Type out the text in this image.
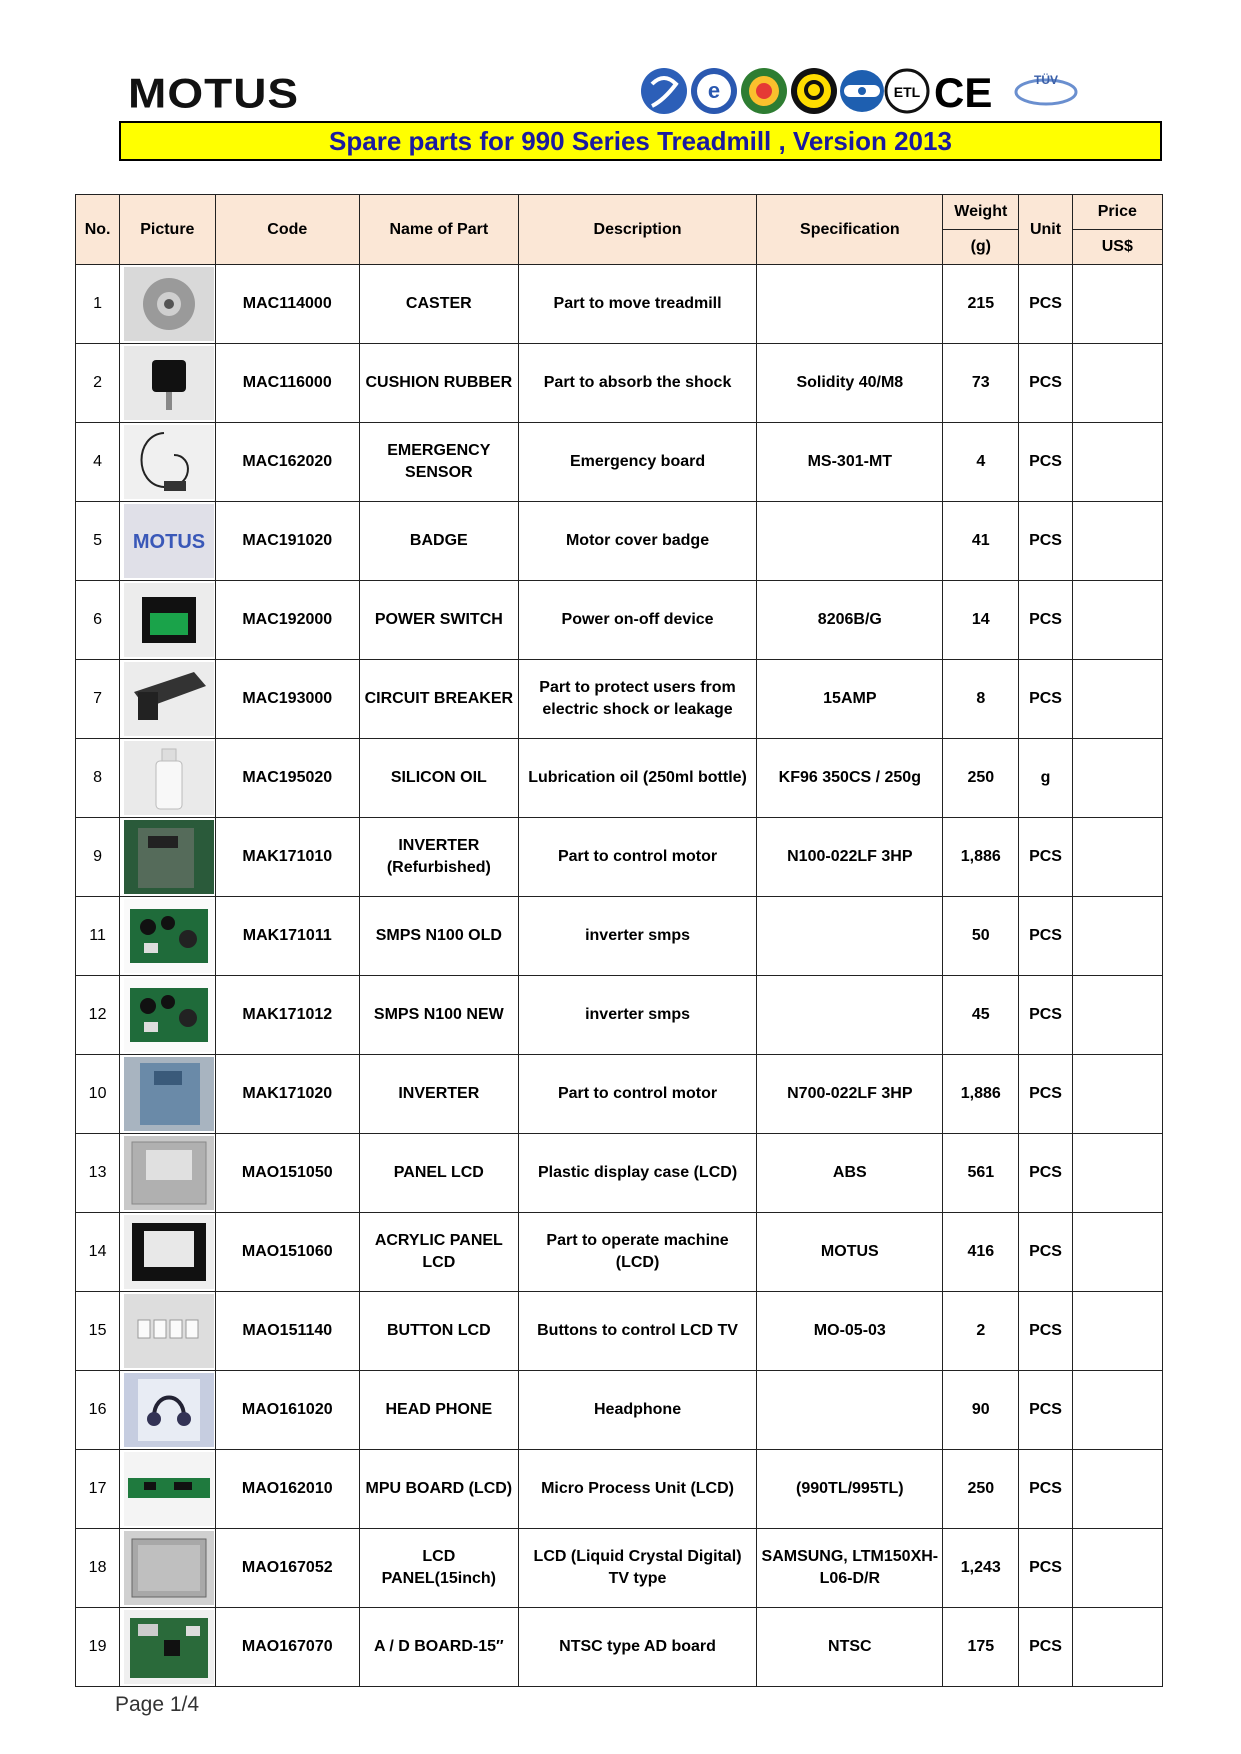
MOTUS	e	ETL CE	TÜV
Spare parts for 990 Series Treadmill , Version 2013
No.	Picture	Code	Name of Part	Description	Specification	Weight	Unit	Price
						(g)		US$
1		MAC114000	CASTER	Part to move treadmill		215	PCS	
2		MAC116000	CUSHION RUBBER	Part to absorb the shock	Solidity 40/M8	73	PCS	
4		MAC162020	EMERGENCY SENSOR	Emergency board	MS-301-MT	4	PCS	
5	MOTUS	MAC191020	BADGE	Motor cover badge		41	PCS	
6		MAC192000	POWER SWITCH	Power on-off device	8206B/G	14	PCS	
7		MAC193000	CIRCUIT BREAKER	Part to protect users from electric shock or leakage	15AMP	8	PCS	
8		MAC195020	SILICON OIL	Lubrication oil (250ml bottle)	KF96 350CS / 250g	250	g	
9		MAK171010	INVERTER (Refurbished)	Part to control motor	N100-022LF 3HP	1,886	PCS	
11		MAK171011	SMPS N100 OLD	inverter smps		50	PCS	
12		MAK171012	SMPS N100 NEW	inverter smps		45	PCS	
10		MAK171020	INVERTER	Part to control motor	N700-022LF 3HP	1,886	PCS	
13		MAO151050	PANEL LCD	Plastic display case (LCD)	ABS	561	PCS	
14		MAO151060	ACRYLIC PANEL LCD	Part to operate machine (LCD)	MOTUS	416	PCS	
15		MAO151140	BUTTON LCD	Buttons to control LCD TV	MO-05-03	2	PCS	
16		MAO161020	HEAD PHONE	Headphone		90	PCS	
17		MAO162010	MPU BOARD (LCD)	Micro Process Unit (LCD)	(990TL/995TL)	250	PCS	
18		MAO167052	LCD PANEL(15inch)	LCD (Liquid Crystal Digital) TV type	SAMSUNG, LTM150XH-L06-D/R	1,243	PCS	
19		MAO167070	A / D BOARD-15″	NTSC type AD board	NTSC	175	PCS	
Page 1/4
